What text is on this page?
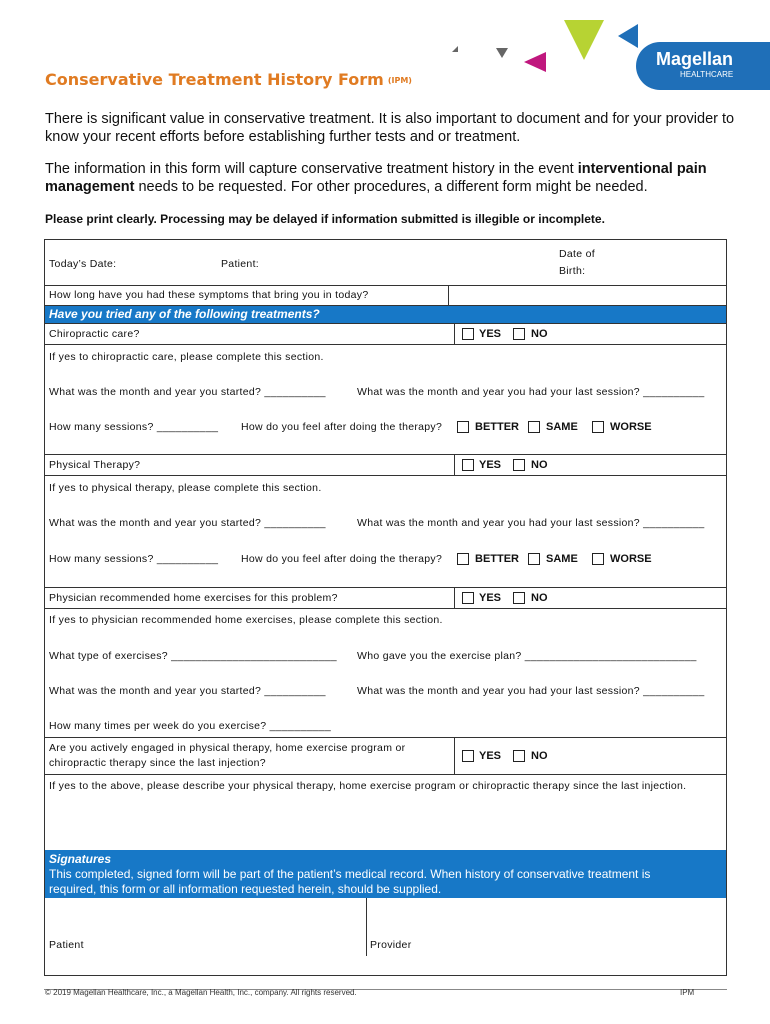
Magellan
HEALTHCARE
Conservative Treatment History Form (IPM)
There is significant value in conservative treatment. It is also important to document and for your provider to know your recent efforts before establishing further tests and or treatment.
The information in this form will capture conservative treatment history in the event interventional pain management needs to be requested. For other procedures, a different form might be needed.
Please print clearly. Processing may be delayed if information submitted is illegible or incomplete.
Today’s Date:	Patient:
Date of
Birth:
How long have you had these symptoms that bring you in today?
Have you tried any of the following treatments?
Chiropractic care?	YES	NO
If yes to chiropractic care, please complete this section.
What was the month and year you started? __________	What was the month and year you had your last session? __________
How many sessions? __________ How do you feel after doing the therapy?	BETTER SAME	WORSE
Physical Therapy?	YES	NO
If yes to physical therapy, please complete this section.
What was the month and year you started? __________	What was the month and year you had your last session? __________
How many sessions? __________ How do you feel after doing the therapy?	BETTER SAME	WORSE
Physician recommended home exercises for this problem?	YES	NO
If yes to physician recommended home exercises, please complete this section.
What type of exercises? ___________________________ Who gave you the exercise plan? ____________________________
What was the month and year you started? __________	What was the month and year you had your last session? __________
How many times per week do you exercise? __________
Are you actively engaged in physical therapy, home exercise program or
chiropractic therapy since the last injection?
YES	NO
If yes to the above, please describe your physical therapy, home exercise program or chiropractic therapy since the last injection.
Signatures
This completed, signed form will be part of the patient’s medical record. When history of conservative treatment is
required, this form or all information requested herein, should be supplied.
Patient	Provider
© 2019 Magellan Healthcare, Inc., a Magellan Health, Inc., company. All rights reserved.	IPM
